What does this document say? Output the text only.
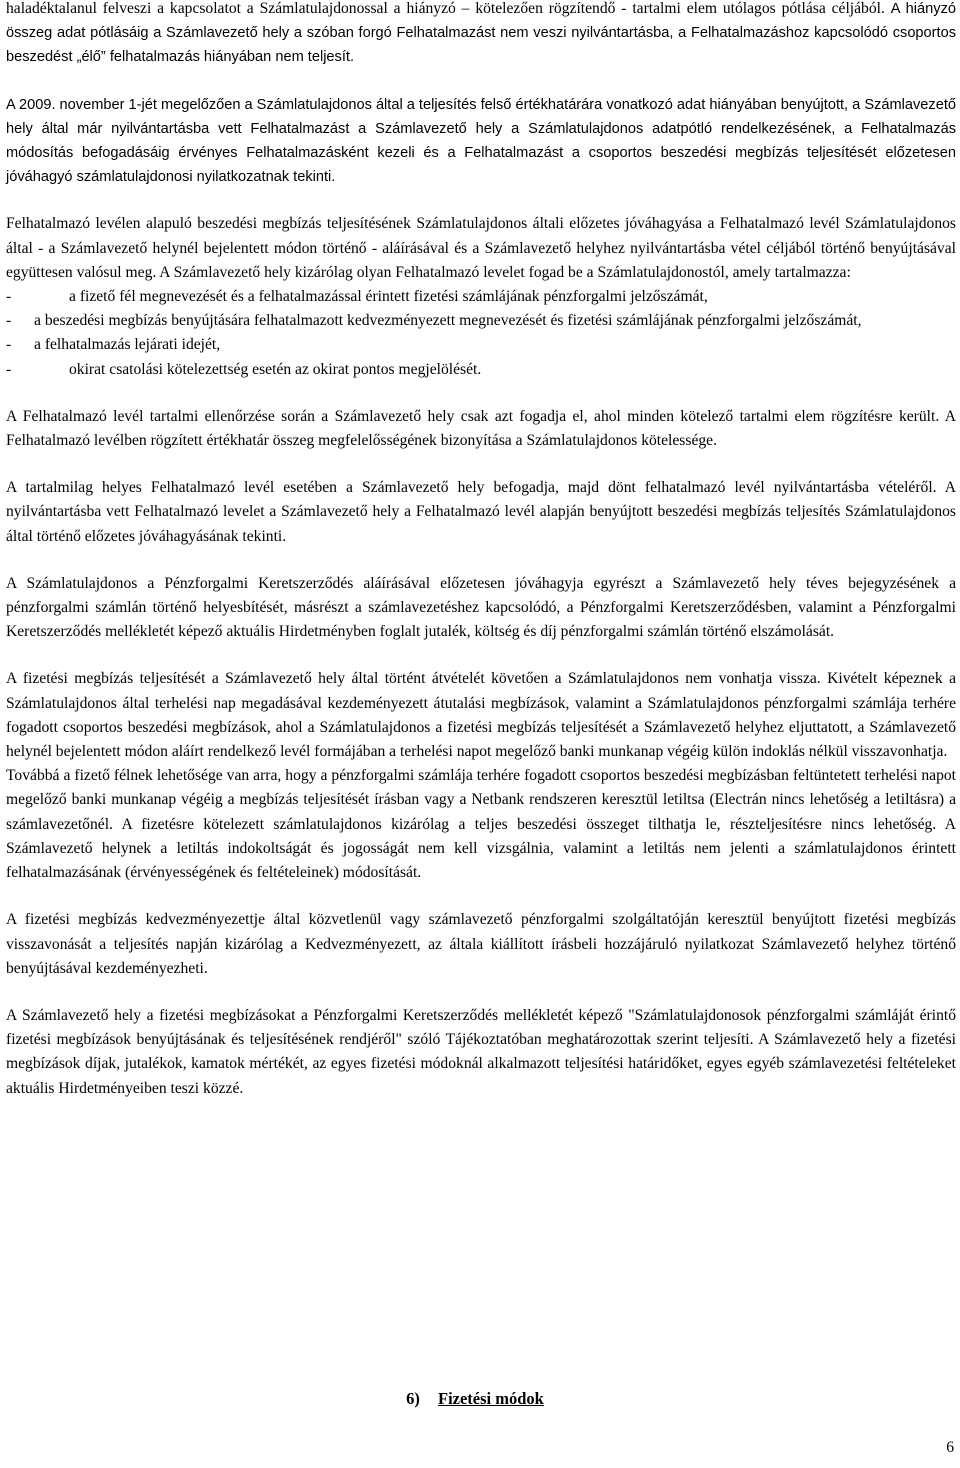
haladéktalanul felveszi a kapcsolatot a Számlatulajdonossal a hiányzó – kötelezően rögzítendő - tartalmi elem utólagos pótlása céljából. A hiányzó összeg adat pótlásáig a Számlavezető hely a szóban forgó Felhatalmazást nem veszi nyilvántartásba, a Felhatalmazáshoz kapcsolódó csoportos beszedést „élő” felhatalmazás hiányában nem teljesít.

A 2009. november 1-jét megelőzően a Számlatulajdonos által a teljesítés felső értékhatárára vonatkozó adat hiányában benyújtott, a Számlavezető hely által már nyilvántartásba vett Felhatalmazást a Számlavezető hely a Számlatulajdonos adatpótló rendelkezésének, a Felhatalmazás módosítás befogadásáig érvényes Felhatalmazásként kezeli és a Felhatalmazást a csoportos beszedési megbízás teljesítését előzetesen jóváhagyó számlatulajdonosi nyilatkozatnak tekinti.

Felhatalmazó levélen alapuló beszedési megbízás teljesítésének Számlatulajdonos általi előzetes jóváhagyása a Felhatalmazó levél Számlatulajdonos által - a Számlavezető helynél bejelentett módon történő - aláírásával és a Számlavezető helyhez nyilvántartásba vétel céljából történő benyújtásával együttesen valósul meg. A Számlavezető hely kizárólag olyan Felhatalmazó levelet fogad be a Számlatulajdonostól, amely tartalmazza:

-	a fizető fél megnevezését és a felhatalmazással érintett fizetési számlájának pénzforgalmi jelzőszámát,
-	a beszedési megbízás benyújtására felhatalmazott kedvezményezett megnevezését és fizetési számlájának pénzforgalmi jelzőszámát,
-	a felhatalmazás lejárati idejét,
-	okirat csatolási kötelezettség esetén az okirat pontos megjelölését.

A Felhatalmazó levél tartalmi ellenőrzése során a Számlavezető hely csak azt fogadja el, ahol minden kötelező tartalmi elem rögzítésre került. A Felhatalmazó levélben rögzített értékhatár összeg megfelelősségének bizonyítása a Számlatulajdonos kötelessége.

A tartalmilag helyes Felhatalmazó levél esetében a Számlavezető hely befogadja, majd dönt felhatalmazó levél nyilvántartásba vételéről. A nyilvántartásba vett Felhatalmazó levelet a Számlavezető hely a Felhatalmazó levél alapján benyújtott beszedési megbízás teljesítés Számlatulajdonos által történő előzetes jóváhagyásának tekinti.

A Számlatulajdonos a Pénzforgalmi Keretszerződés aláírásával előzetesen jóváhagyja egyrészt a Számlavezető hely téves bejegyzésének a pénzforgalmi számlán történő helyesbítését, másrészt a számlavezetéshez kapcsolódó, a Pénzforgalmi Keretszerződésben, valamint a Pénzforgalmi Keretszerződés mellékletét képező aktuális Hirdetményben foglalt jutalék, költség és díj pénzforgalmi számlán történő elszámolását.

A fizetési megbízás teljesítését a Számlavezető hely által történt átvételét követően a Számlatulajdonos nem vonhatja vissza. Kivételt képeznek a Számlatulajdonos által terhelési nap megadásával kezdeményezett átutalási megbízások, valamint a Számlatulajdonos pénzforgalmi számlája terhére fogadott csoportos beszedési megbízások, ahol a Számlatulajdonos a fizetési megbízás teljesítését a Számlavezető helyhez eljuttatott, a Számlavezető helynél bejelentett módon aláírt rendelkező levél formájában a terhelési napot megelőző banki munkanap végéig külön indoklás nélkül visszavonhatja.

Továbbá a fizető félnek lehetősége van arra, hogy a pénzforgalmi számlája terhére fogadott csoportos beszedési megbízásban feltüntetett terhelési napot megelőző banki munkanap végéig a megbízás teljesítését írásban vagy a Netbank rendszeren keresztül letiltsa (Electrán nincs lehetőség a letiltásra) a számlavezetőnél. A fizetésre kötelezett számlatulajdonos kizárólag a teljes beszedési összeget tilthatja le, részteljesítésre nincs lehetőség. A Számlavezető helynek a letiltás indokoltságát és jogosságát nem kell vizsgálnia, valamint a letiltás nem jelenti a számlatulajdonos érintett felhatalmazásának (érvényességének és feltételeinek) módosítását.

A fizetési megbízás kedvezményezettje által közvetlenül vagy számlavezető pénzforgalmi szolgáltatóján keresztül benyújtott fizetési megbízás visszavonását a teljesítés napján kizárólag a Kedvezményezett, az általa kiállított írásbeli hozzájáruló nyilatkozat Számlavezető helyhez történő benyújtásával kezdeményezheti.

A Számlavezető hely a fizetési megbízásokat a Pénzforgalmi Keretszerződés mellékletét képező "Számlatulajdonosok pénzforgalmi számláját érintő fizetési megbízások benyújtásának és teljesítésének rendjéről" szóló Tájékoztatóban meghatározottak szerint teljesíti. A Számlavezető hely a fizetési megbízások díjak, jutalékok, kamatok mértékét, az egyes fizetési módoknál alkalmazott teljesítési határidőket, egyes egyéb számlavezetési feltételeket aktuális Hirdetményeiben teszi közzé.

6) Fizetési módok
6
